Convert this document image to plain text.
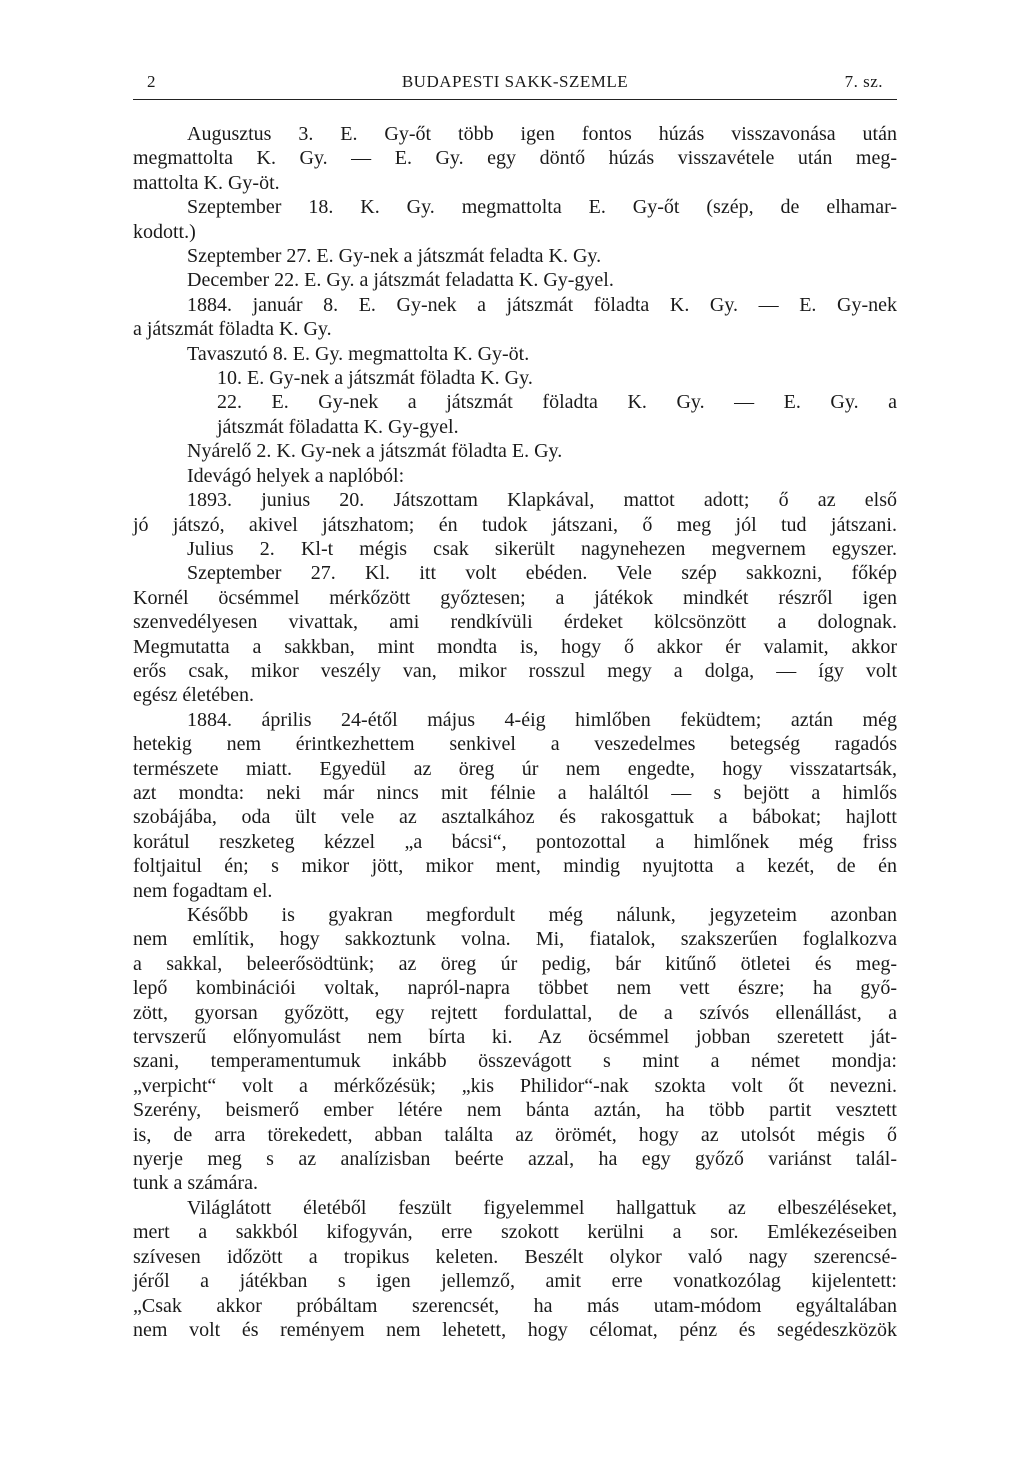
2	BUDAPESTI SAKK-SZEMLE	7. sz.

Augusztus 3. E. Gy-őt több igen fontos húzás visszavonása után

megmattolta K. Gy. — E. Gy. egy döntő húzás visszavétele után meg-

mattolta K. Gy-öt.

Szeptember 18. K. Gy. megmattolta E. Gy-őt (szép, de elhamar-

kodott.)

Szeptember 27. E. Gy-nek a játszmát feladta K. Gy.

December 22. E. Gy. a játszmát feladatta K. Gy-gyel.

1884. január 8. E. Gy-nek a játszmát föladta K. Gy. — E. Gy-nek

a játszmát föladta K. Gy.

Tavaszutó 8. E. Gy. megmattolta K. Gy-öt.

10. E. Gy-nek a játszmát föladta K. Gy.

22. E. Gy-nek a játszmát föladta K. Gy. — E. Gy. a

játszmát föladatta K. Gy-gyel.

Nyárelő 2. K. Gy-nek a játszmát föladta E. Gy.

Idevágó helyek a naplóból:

1893. junius 20. Játszottam Klapkával, mattot adott; ő az első

jó játszó, akivel játszhatom; én tudok játszani, ő meg jól tud játszani.

Julius 2. Kl-t mégis csak sikerült nagynehezen megvernem egyszer.

Szeptember 27. Kl. itt volt ebéden. Vele szép sakkozni, főkép

Kornél öcsémmel mérkőzött győztesen; a játékok mindkét részről igen

szenvedélyesen vivattak, ami rendkívüli érdeket kölcsönzött a dolognak.

Megmutatta a sakkban, mint mondta is, hogy ő akkor ér valamit, akkor

erős csak, mikor veszély van, mikor rosszul megy a dolga, — így volt

egész életében.

1884. április 24-étől május 4-éig himlőben feküdtem; aztán még

hetekig nem érintkezhettem senkivel a veszedelmes betegség ragadós

természete miatt. Egyedül az öreg úr nem engedte, hogy visszatartsák,

azt mondta: neki már nincs mit félnie a haláltól — s bejött a himlős

szobájába, oda ült vele az asztalkához és rakosgattuk a bábokat; hajlott

korátul reszketeg kézzel „a bácsi“, pontozottal a himlőnek még friss

foltjaitul én; s mikor jött, mikor ment, mindig nyujtotta a kezét, de én

nem fogadtam el.

Később is gyakran megfordult még nálunk, jegyzeteim azonban

nem említik, hogy sakkoztunk volna. Mi, fiatalok, szakszerűen foglalkozva

a sakkal, beleerősödtünk; az öreg úr pedig, bár kitűnő ötletei és meg-

lepő kombinációi voltak, napról-napra többet nem vett észre; ha győ-

zött, gyorsan győzött, egy rejtett fordulattal, de a szívós ellenállást, a

tervszerű előnyomulást nem bírta ki. Az öcsémmel jobban szeretett ját-

szani, temperamentumuk inkább összevágott s mint a német mondja:

„verpicht“ volt a mérkőzésük; „kis Philidor“-nak szokta volt őt nevezni.

Szerény, beismerő ember létére nem bánta aztán, ha több partit vesztett

is, de arra törekedett, abban találta az örömét, hogy az utolsót mégis ő

nyerje meg s az analízisban beérte azzal, ha egy győző variánst talál-

tunk a számára.

Világlátott életéből feszült figyelemmel hallgattuk az elbeszéléseket,

mert a sakkból kifogyván, erre szokott kerülni a sor. Emlékezéseiben

szívesen időzött a tropikus keleten. Beszélt olykor való nagy szerencsé-

jéről a játékban s igen jellemző, amit erre vonatkozólag kijelentett:

„Csak akkor próbáltam szerencsét, ha más utam-módom egyáltalában

nem volt és reményem nem lehetett, hogy célomat, pénz és segédeszközök
